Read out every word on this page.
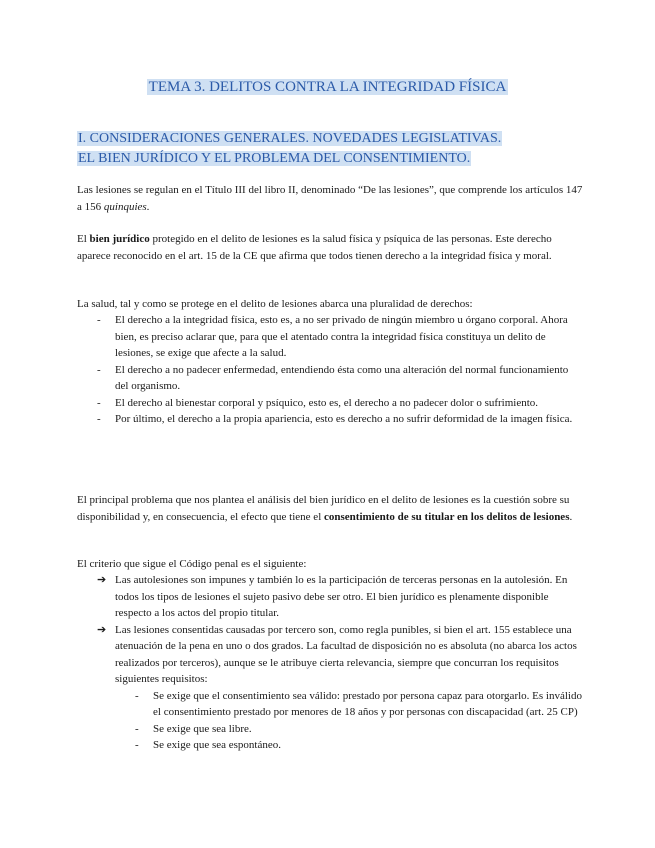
TEMA 3. DELITOS CONTRA LA INTEGRIDAD FÍSICA
I. CONSIDERACIONES GENERALES. NOVEDADES LEGISLATIVAS.
EL BIEN JURÍDICO Y EL PROBLEMA DEL CONSENTIMIENTO.

Las lesiones se regulan en el Título III del libro II, denominado “De las lesiones”, que comprende los artículos 147 a 156 quinquies.

El bien jurídico protegido en el delito de lesiones es la salud física y psíquica de las personas. Este derecho aparece reconocido en el art. 15 de la CE que afirma que todos tienen derecho a la integridad física y moral.

La salud, tal y como se protege en el delito de lesiones abarca una pluralidad de derechos:

- El derecho a la integridad física, esto es, a no ser privado de ningún miembro u órgano corporal. Ahora bien, es preciso aclarar que, para que el atentado contra la integridad física constituya un delito de lesiones, se exige que afecte a la salud.
- El derecho a no padecer enfermedad, entendiendo ésta como una alteración del normal funcionamiento del organismo.
- El derecho al bienestar corporal y psíquico, esto es, el derecho a no padecer dolor o sufrimiento.
- Por último, el derecho a la propia apariencia, esto es derecho a no sufrir deformidad de la imagen física.

El principal problema que nos plantea el análisis del bien jurídico en el delito de lesiones es la cuestión sobre su disponibilidad y, en consecuencia, el efecto que tiene el consentimiento de su titular en los delitos de lesiones.

El criterio que sigue el Código penal es el siguiente:

➔ Las autolesiones son impunes y también lo es la participación de terceras personas en la autolesión. En todos los tipos de lesiones el sujeto pasivo debe ser otro. El bien jurídico es plenamente disponible respecto a los actos del propio titular.
➔ Las lesiones consentidas causadas por tercero son, como regla punibles, si bien el art. 155 establece una atenuación de la pena en uno o dos grados. La facultad de disposición no es absoluta (no abarca los actos realizados por terceros), aunque se le atribuye cierta relevancia, siempre que concurran los requisitos siguientes requisitos:
- Se exige que el consentimiento sea válido: prestado por persona capaz para otorgarlo. Es inválido el consentimiento prestado por menores de 18 años y por personas con discapacidad (art. 25 CP)
- Se exige que sea libre.
- Se exige que sea espontáneo.
